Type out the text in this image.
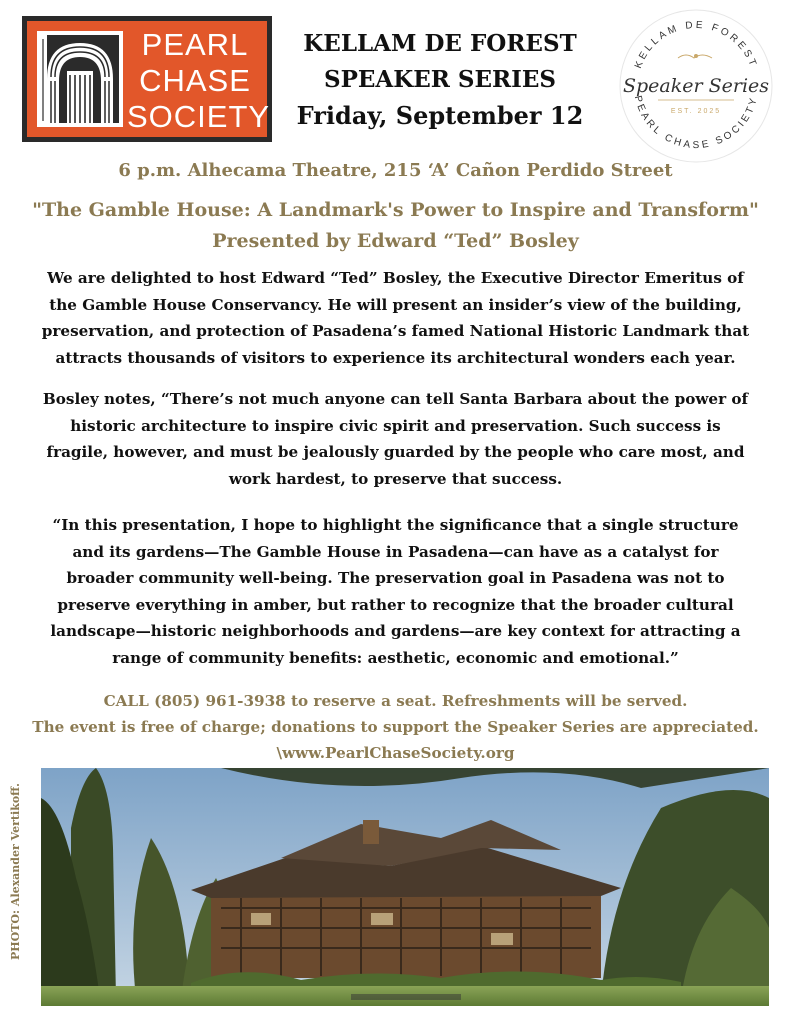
PEARL
CHASE
SOCIETY
KELLAM DE FOREST
SPEAKER SERIES
Friday, September 12
KELLAM DE FOREST
Speaker Series
EST. 2025
PEARL CHASE SOCIETY
6 p.m. Alhecama Theatre, 215 ‘A’ Cañon Perdido Street
"The Gamble House: A Landmark's Power to Inspire and Transform"
Presented by Edward “Ted” Bosley
We are delighted to host Edward “Ted” Bosley, the Executive Director Emeritus of the Gamble House Conservancy. He will present an insider’s view of the building, preservation, and protection of Pasadena’s famed National Historic Landmark that attracts thousands of visitors to experience its architectural wonders each year.
Bosley notes, “There’s not much anyone can tell Santa Barbara about the power of historic architecture to inspire civic spirit and preservation. Such success is fragile, however, and must be jealously guarded by the people who care most, and work hardest, to preserve that success.
“In this presentation, I hope to highlight the significance that a single structure and its gardens—The Gamble House in Pasadena—can have as a catalyst for broader community well-being. The preservation goal in Pasadena was not to preserve everything in amber, but rather to recognize that the broader cultural landscape—historic neighborhoods and gardens—are key context for attracting a range of community benefits: aesthetic, economic and emotional.”
CALL (805) 961-3938 to reserve a seat. Refreshments will be served.
The event is free of charge; donations to support the Speaker Series are appreciated.
\www.PearlChaseSociety.org
PHOTO: Alexander Vertikoff.
